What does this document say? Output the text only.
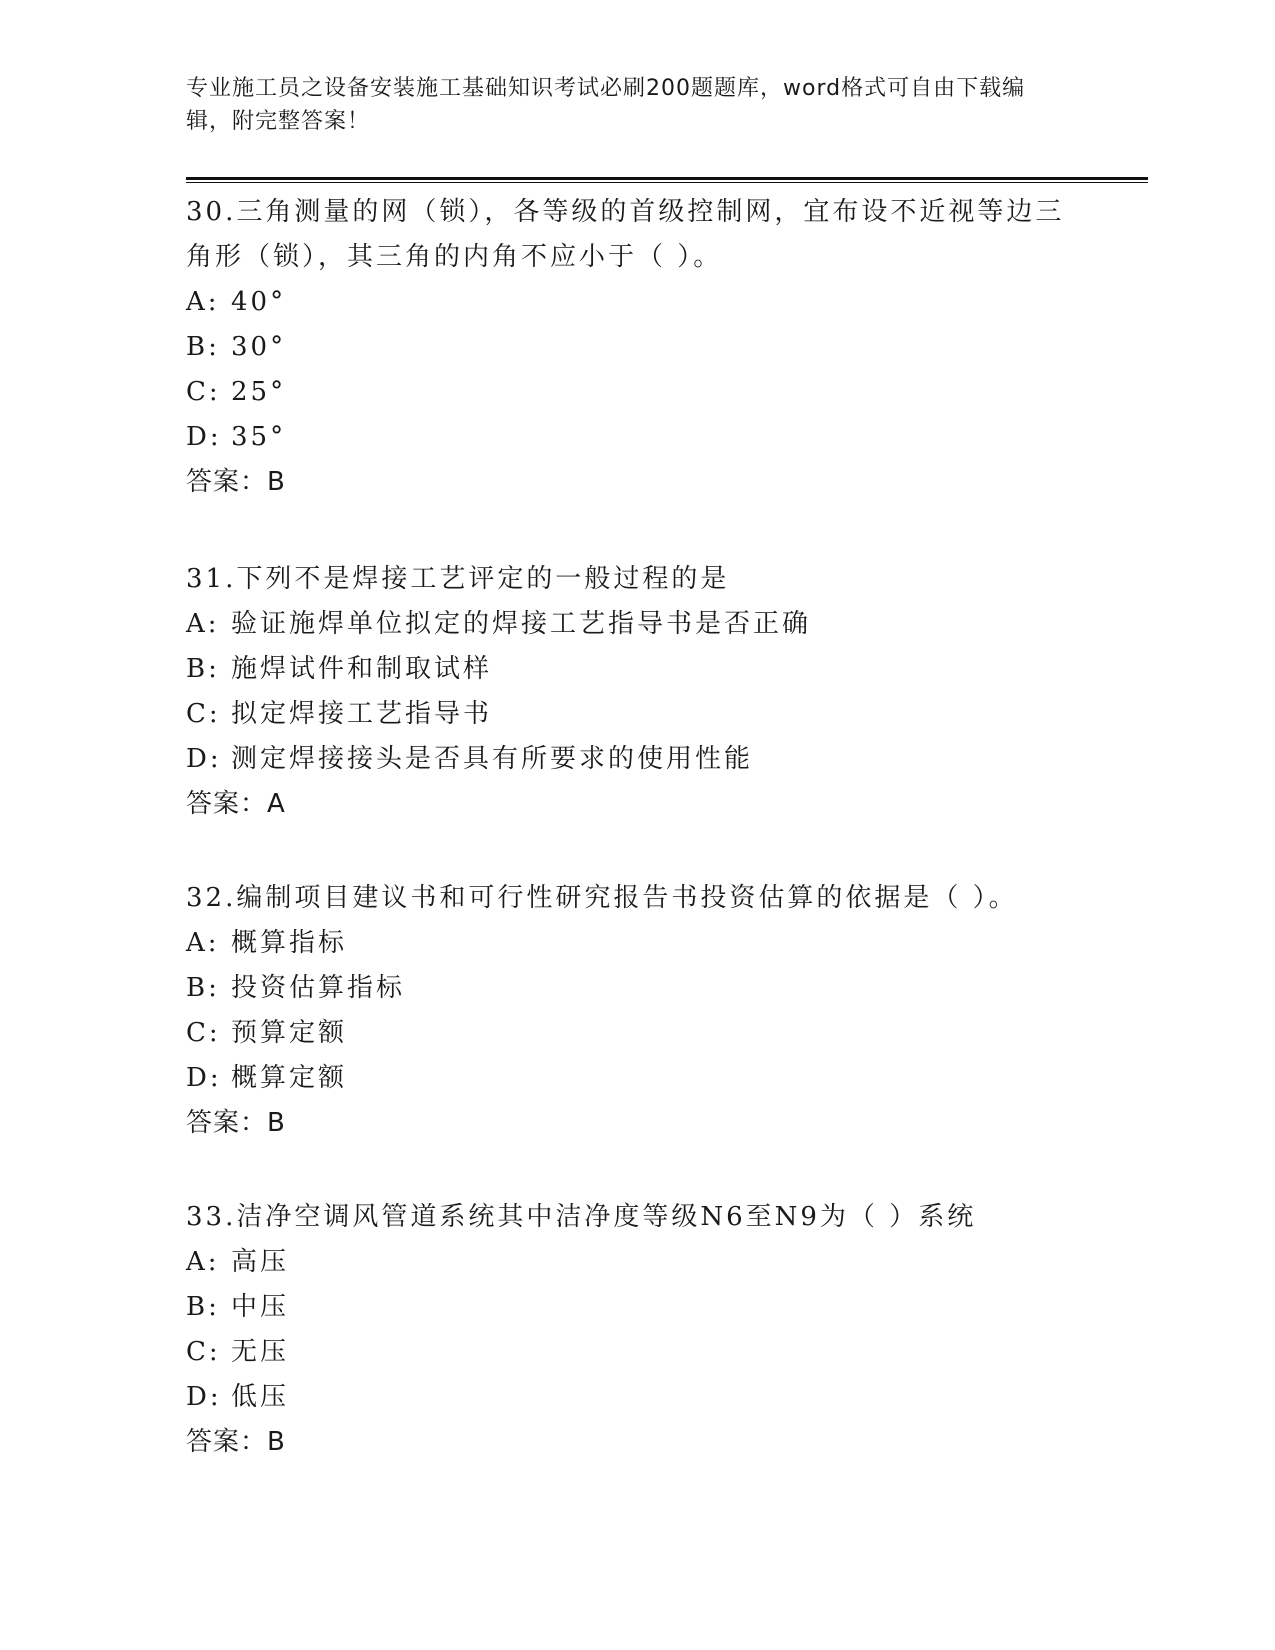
专业施工员之设备安装施工基础知识考试必刷200题题库，word格式可自由下载编辑，附完整答案！

30.三角测量的网（锁），各等级的首级控制网，宜布设不近视等边三角形（锁），其三角的内角不应小于（ ）。

A: 40°

B: 30°

C: 25°

D: 35°

答案：B

31.下列不是焊接工艺评定的一般过程的是

A: 验证施焊单位拟定的焊接工艺指导书是否正确

B: 施焊试件和制取试样

C: 拟定焊接工艺指导书

D: 测定焊接接头是否具有所要求的使用性能

答案：A

32.编制项目建议书和可行性研究报告书投资估算的依据是（ ）。

A: 概算指标

B: 投资估算指标

C: 预算定额

D: 概算定额

答案：B

33.洁净空调风管道系统其中洁净度等级N6至N9为（ ）系统

A: 高压

B: 中压

C: 无压

D: 低压

答案：B
